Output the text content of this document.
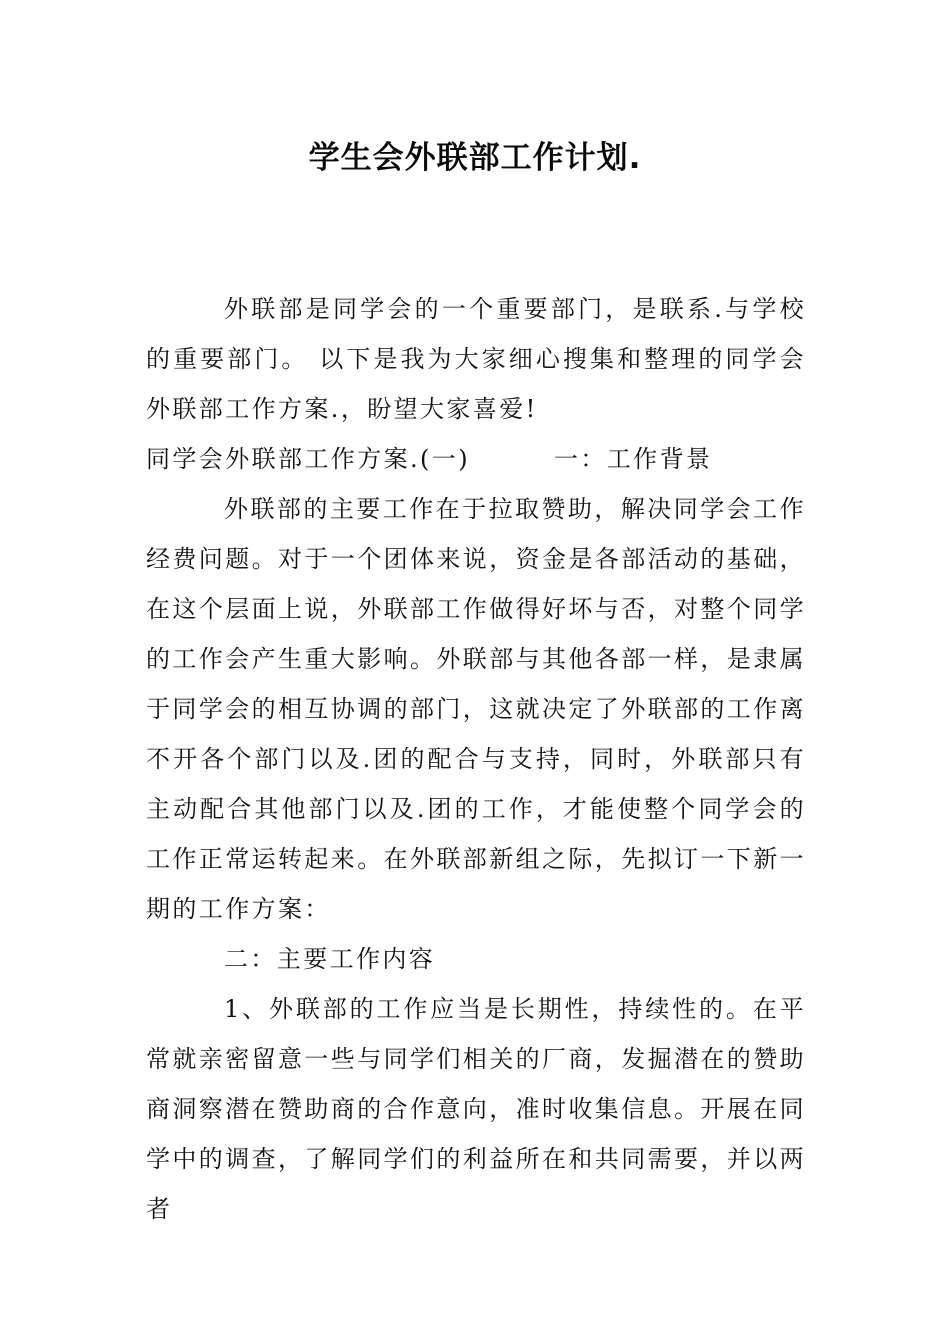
学生会外联部工作计划.

外联部是同学会的一个重要部门，是联系.与学校的重要部门。 以下是我为大家细心搜集和整理的同学会外联部工作方案.，盼望大家喜爱!

同学会外联部工作方案.(一)	一：工作背景

外联部的主要工作在于拉取赞助，解决同学会工作经费问题。对于一个团体来说，资金是各部活动的基础，在这个层面上说，外联部工作做得好坏与否，对整个同学的工作会产生重大影响。外联部与其他各部一样，是隶属于同学会的相互协调的部门，这就决定了外联部的工作离不开各个部门以及.团的配合与支持，同时，外联部只有主动配合其他部门以及.团的工作，才能使整个同学会的工作正常运转起来。在外联部新组之际，先拟订一下新一期的工作方案：

二：主要工作内容

1、外联部的工作应当是长期性，持续性的。在平常就亲密留意一些与同学们相关的厂商，发掘潜在的赞助商洞察潜在赞助商的合作意向，准时收集信息。开展在同学中的调查，了解同学们的利益所在和共同需要，并以两者
